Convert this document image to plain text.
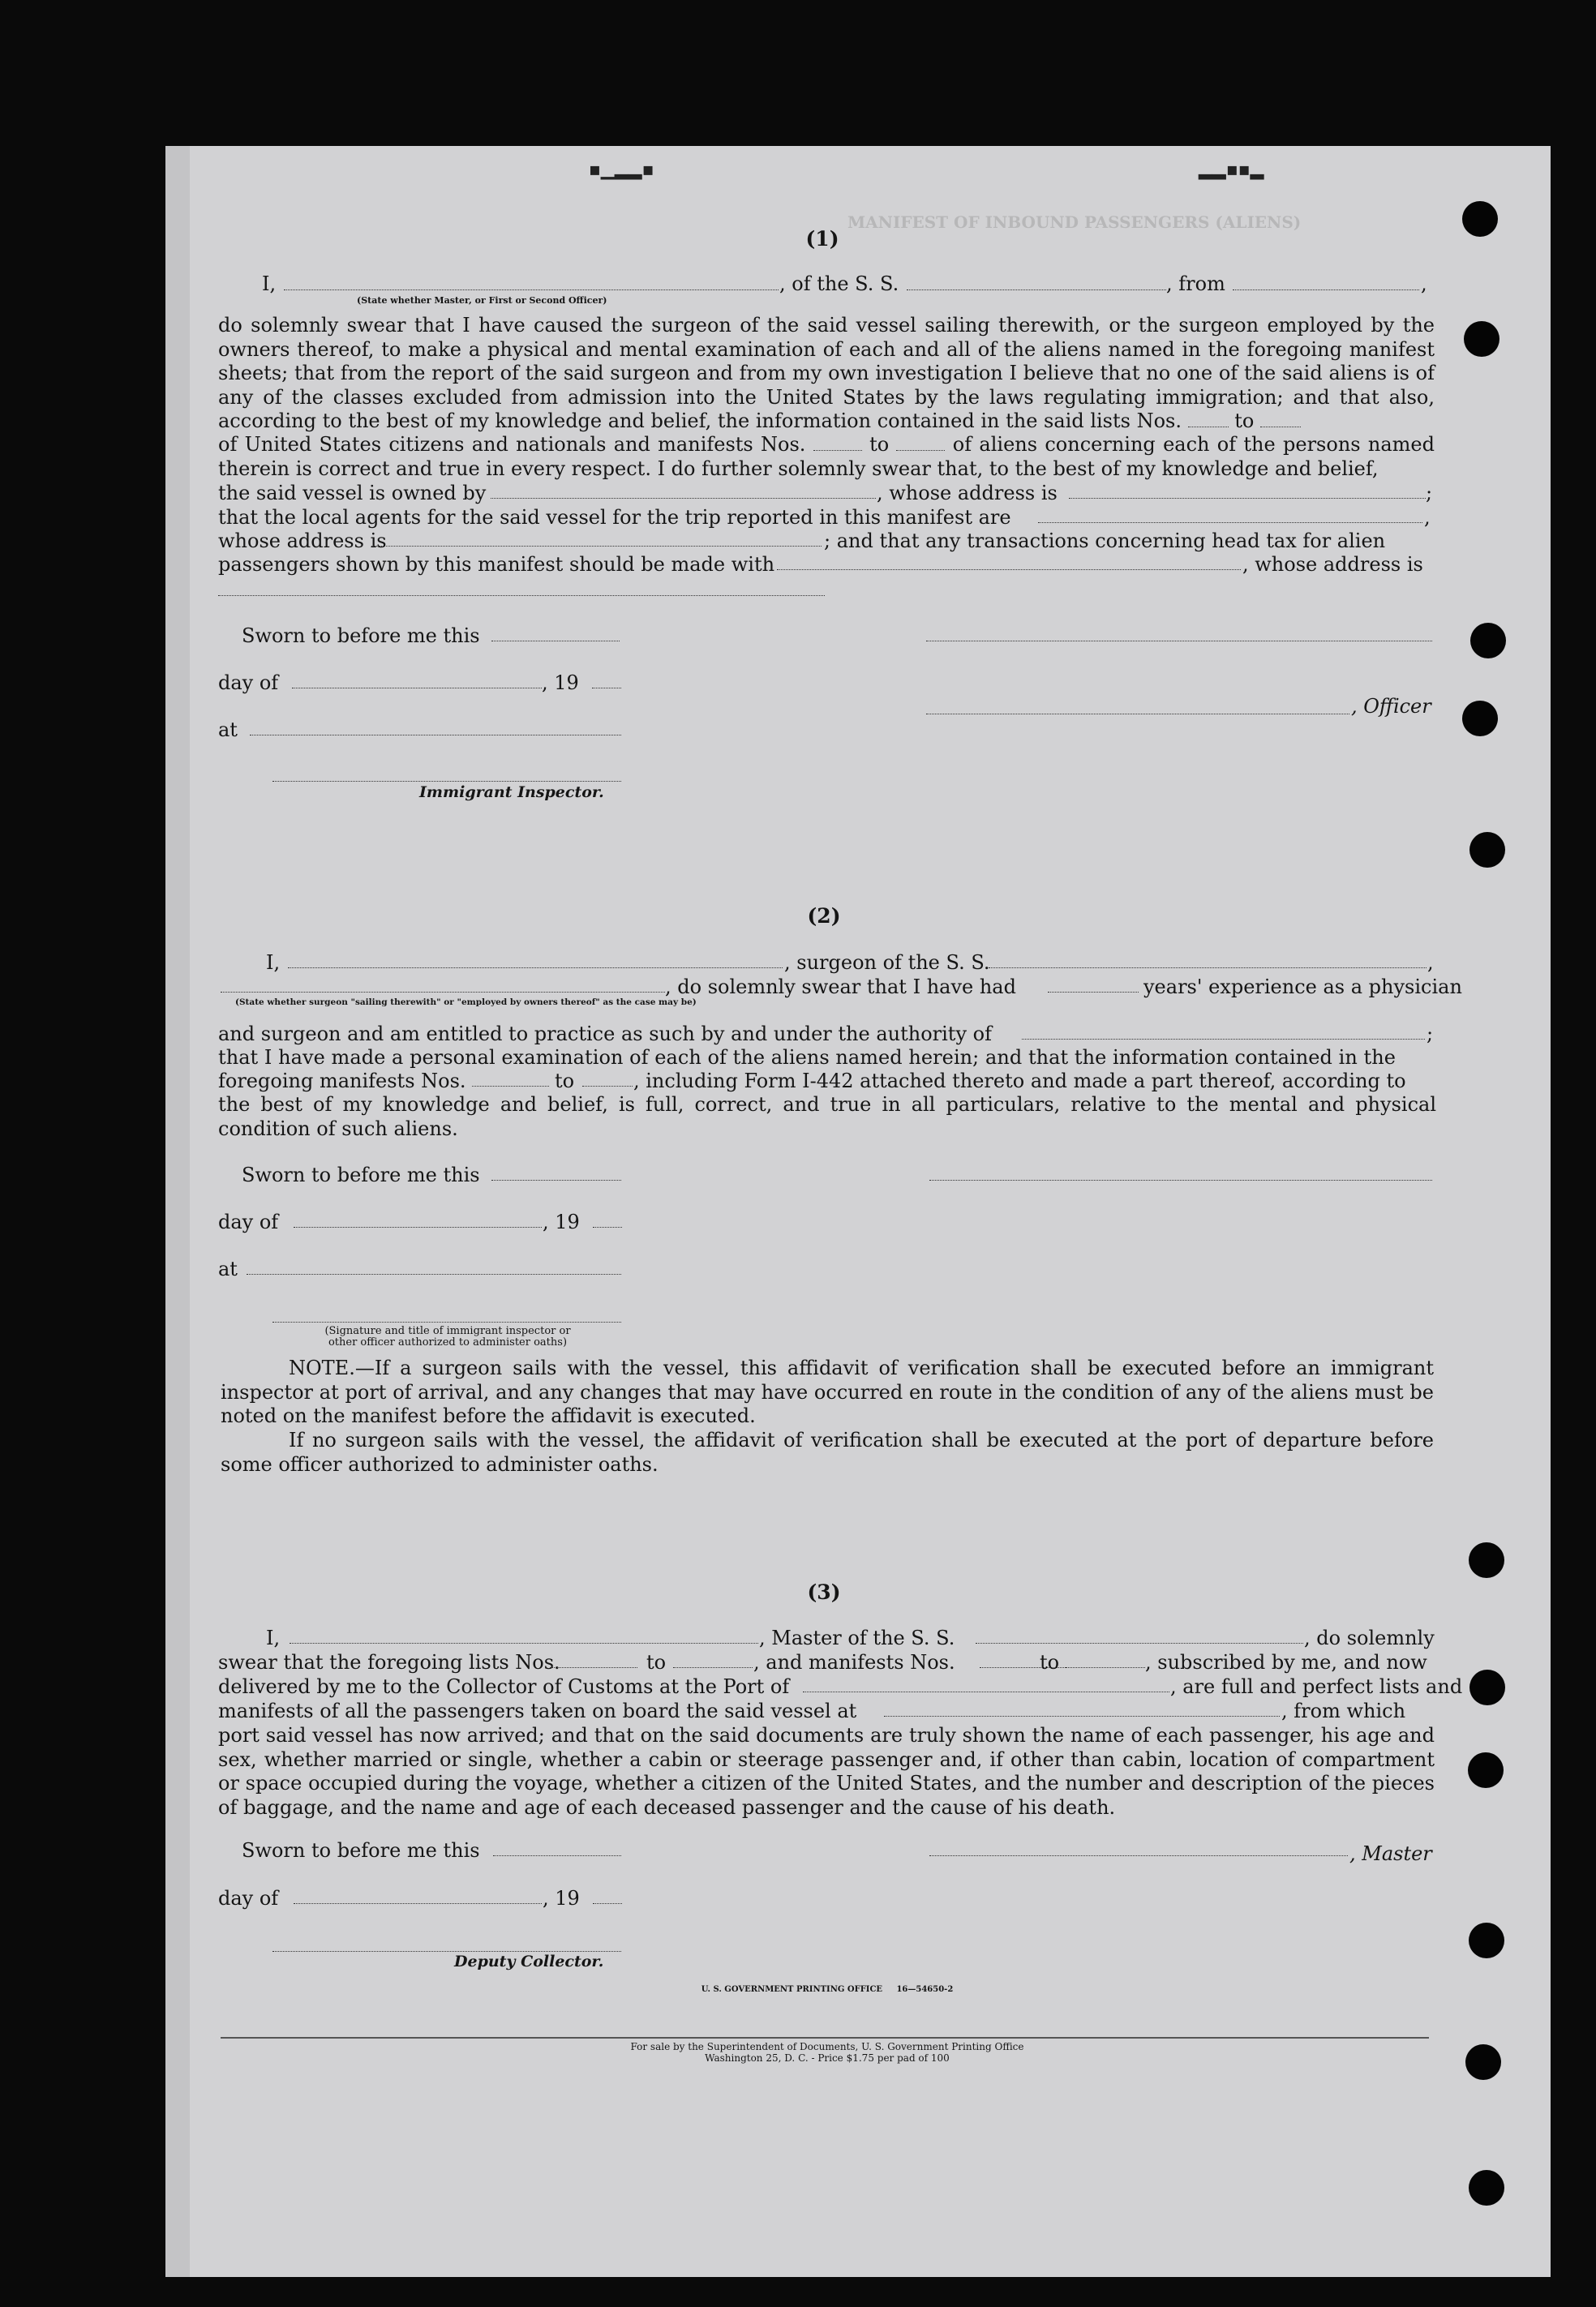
▪▁▂▂▪	▂▂▪▪▂
MANIFEST OF INBOUND PASSENGERS (ALIENS)
(1)
I,	, of the S. S.	, from	,
(State whether Master, or First or Second Officer)

do solemnly swear that I have caused the surgeon of the said vessel sailing therewith, or the surgeon employed by the owners thereof, to make a physical and mental examination of each and all of the aliens named in the foregoing manifest sheets; that from the report of the said surgeon and from my own investigation I believe that no one of the said aliens is of any of the classes excluded from admission into the United States by the laws regulating immigration; and that also, according to the best of my knowledge and belief, the information contained in the said lists Nos.	to

of United States citizens and nationals and manifests Nos.	to	of aliens concerning each of the persons named therein is correct and true in every respect. I do further solemnly swear that, to the best of my knowledge and belief,

the said vessel is owned by	, whose address is	;
that the local agents for the said vessel for the trip reported in this manifest are	,
whose address is	; and that any transactions concerning head tax for alien
passengers shown by this manifest should be made with	, whose address is
Sworn to before me this
day of	, 19
, Officer
at
Immigrant Inspector.
(2)
I,	, surgeon of the S. S.	,
, do solemnly swear that I have had	years' experience as a physician
(State whether surgeon "sailing therewith" or "employed by owners thereof" as the case may be)
and surgeon and am entitled to practice as such by and under the authority of	;
that I have made a personal examination of each of the aliens named herein; and that the information contained in the
foregoing manifests Nos.	to	, including Form I-442 attached thereto and made a part thereof, according to

the best of my knowledge and belief, is full, correct, and true in all particulars, relative to the mental and physical condition of such aliens.

Sworn to before me this
day of	, 19
at
(Signature and title of immigrant inspector or
other officer authorized to administer oaths)

NOTE.—If a surgeon sails with the vessel, this affidavit of verification shall be executed before an immigrant inspector at port of arrival, and any changes that may have occurred en route in the condition of any of the aliens must be noted on the manifest before the affidavit is executed.

If no surgeon sails with the vessel, the affidavit of verification shall be executed at the port of departure before some officer authorized to administer oaths.

(3)
I,	, Master of the S. S.	, do solemnly
swear that the foregoing lists Nos.	to	, and manifests Nos.	to	, subscribed by me, and now
delivered by me to the Collector of Customs at the Port of	, are full and perfect lists and
manifests of all the passengers taken on board the said vessel at	, from which

port said vessel has now arrived; and that on the said documents are truly shown the name of each passenger, his age and sex, whether married or single, whether a cabin or steerage passenger and, if other than cabin, location of compartment or space occupied during the voyage, whether a citizen of the United States, and the number and description of the pieces of baggage, and the name and age of each deceased passenger and the cause of his death.

Sworn to before me this	, Master
day of	, 19
Deputy Collector.
U. S. GOVERNMENT PRINTING OFFICE     16—54650-2
For sale by the Superintendent of Documents, U. S. Government Printing Office
Washington 25, D. C. - Price $1.75 per pad of 100
